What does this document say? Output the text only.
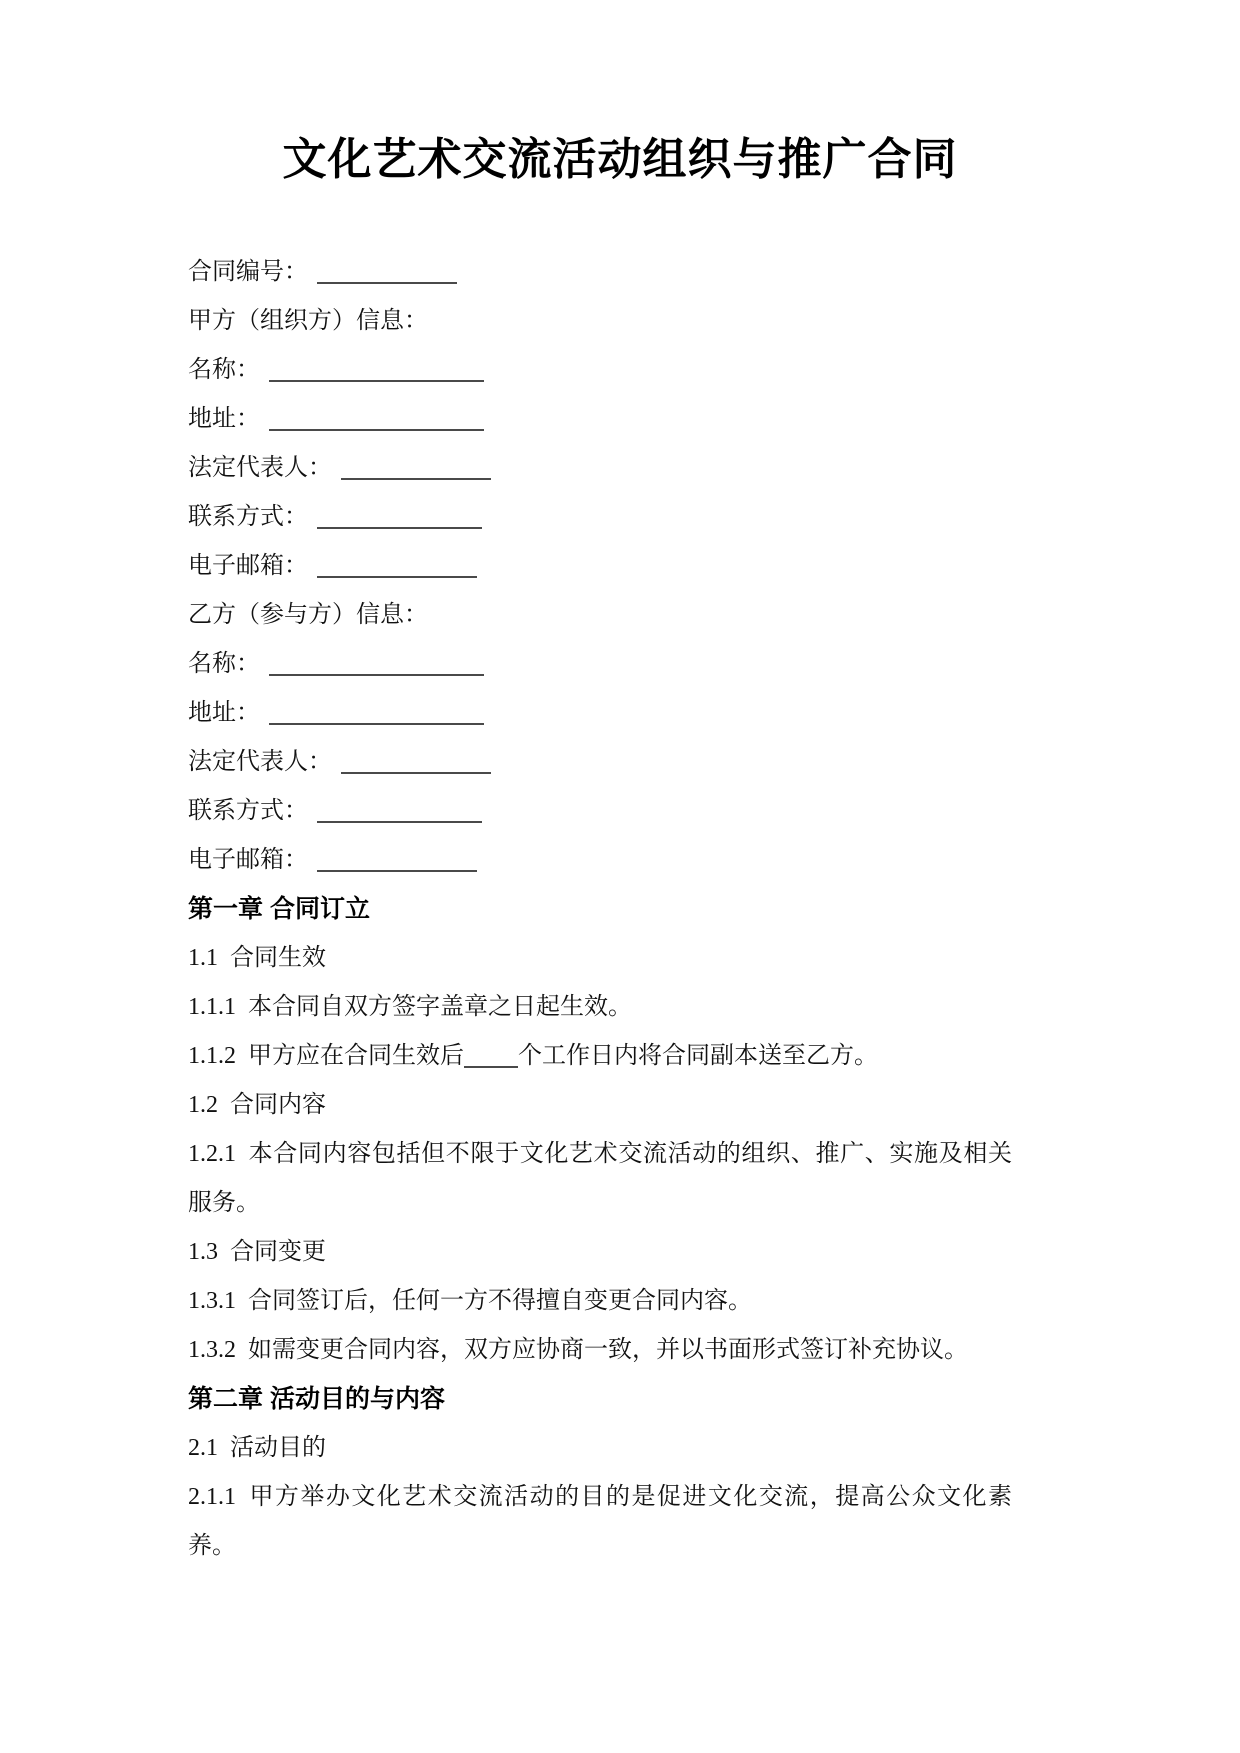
文化艺术交流活动组织与推广合同

合同编号：

甲方（组织方）信息：

名称：

地址：

法定代表人：

联系方式：

电子邮箱：

乙方（参与方）信息：

名称：

地址：

法定代表人：

联系方式：

电子邮箱：

第一章 合同订立

1.1 合同生效

1.1.1 本合同自双方签字盖章之日起生效。

1.1.2 甲方应在合同生效后 个工作日内将合同副本送至乙方。

1.2 合同内容

1.2.1 本合同内容包括但不限于文化艺术交流活动的组织、推广、实施及相关服务。

1.3 合同变更

1.3.1 合同签订后，任何一方不得擅自变更合同内容。

1.3.2 如需变更合同内容，双方应协商一致，并以书面形式签订补充协议。

第二章 活动目的与内容

2.1 活动目的

2.1.1 甲方举办文化艺术交流活动的目的是促进文化交流，提高公众文化素养。
